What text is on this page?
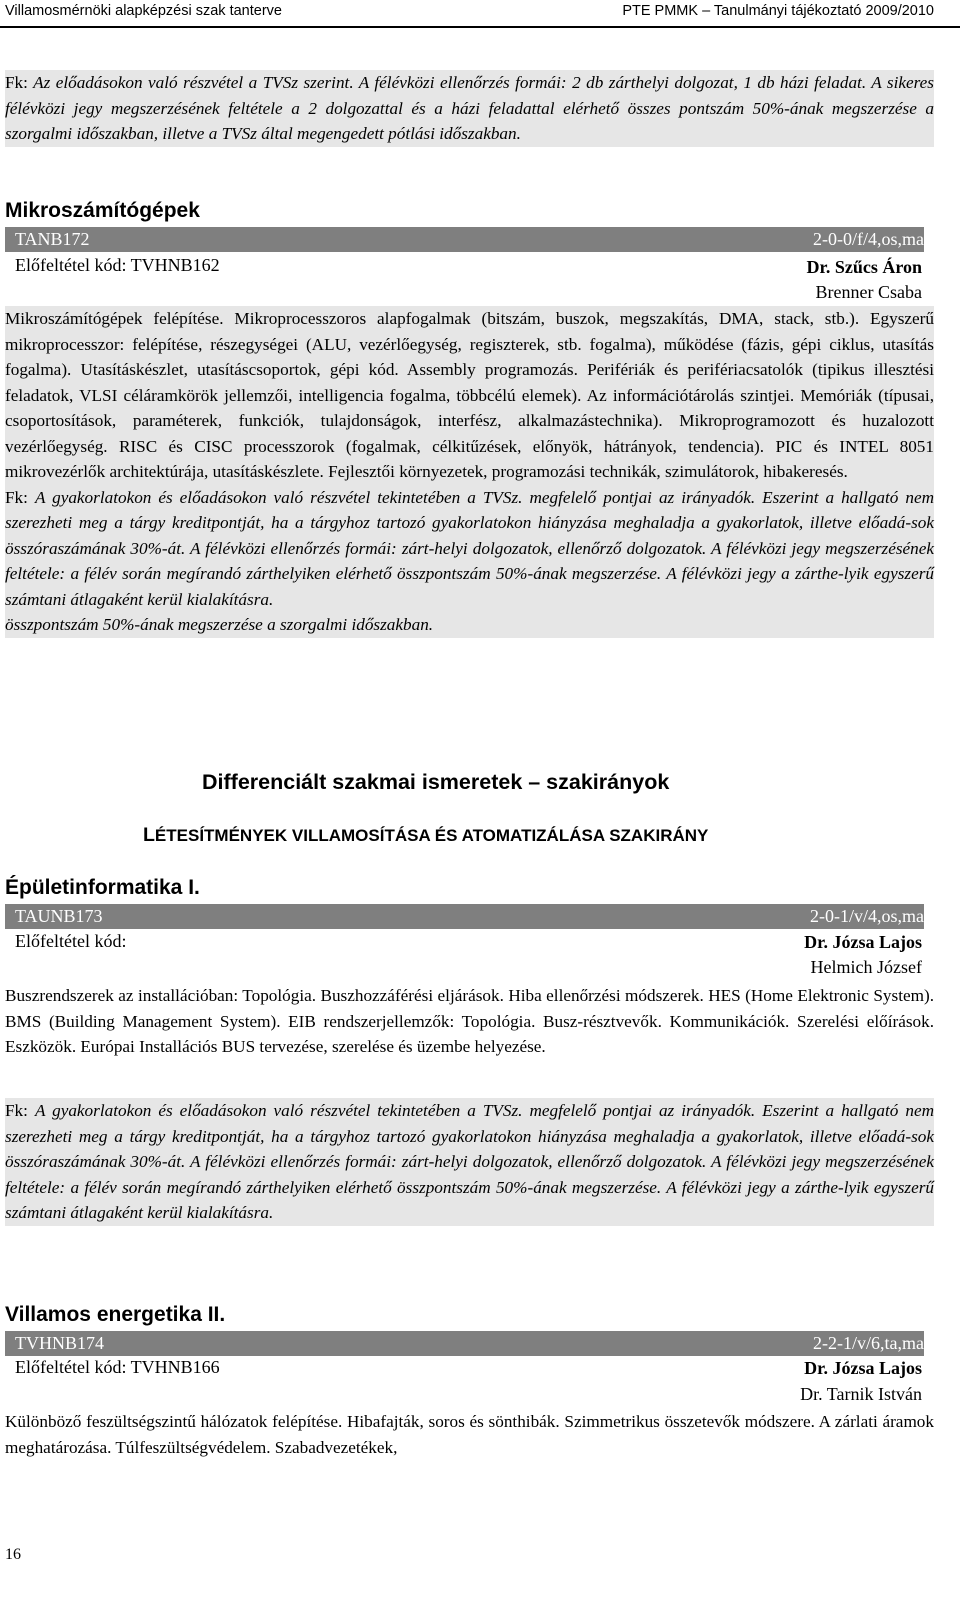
Villamosmérnöki alapképzési szak tanterve	PTE PMMK – Tanulmányi tájékoztató 2009/2010
Fk: Az előadásokon való részvétel a TVSz szerint. A félévközi ellenőrzés formái: 2 db zárthelyi dolgozat, 1 db házi feladat. A sikeres félévközi jegy megszerzésének feltétele a 2 dolgozattal és a házi feladattal elérhető összes pontszám 50%-ának megszerzése a szorgalmi időszakban, illetve a TVSz által megengedett pótlási időszakban.
Mikroszámítógépek
TANB172	2-0-0/f/4,os,ma
Előfeltétel kód: TVHNB162	Dr. Szűcs Áron
Brenner Csaba
Mikroszámítógépek felépítése. Mikroprocesszoros alapfogalmak (bitszám, buszok, megszakítás, DMA, stack, stb.). Egyszerű mikroprocesszor: felépítése, részegységei (ALU, vezérlőegység, regiszterek, stb. fogalma), működése (fázis, gépi ciklus, utasítás fogalma). Utasításkészlet, utasításcsoportok, gépi kód. Assembly programozás. Perifériák és perifériacsatolók (tipikus illesztési feladatok, VLSI céláramkörök jellemzői, intelligencia fogalma, többcélú elemek). Az információtárolás szintjei. Memóriák (típusai, csoportosítások, paraméterek, funkciók, tulajdonságok, interfész, alkalmazástechnika). Mikroprogramozott és huzalozott vezérlőegység. RISC és CISC processzorok (fogalmak, célkitűzések, előnyök, hátrányok, tendencia). PIC és INTEL 8051 mikrovezérlők architektúrája, utasításkészlete. Fejlesztői környezetek, programozási technikák, szimulátorok, hibakeresés.
Fk: A gyakorlatokon és előadásokon való részvétel tekintetében a TVSz. megfelelő pontjai az irányadók. Eszerint a hallgató nem szerezheti meg a tárgy kreditpontját, ha a tárgyhoz tartozó gyakorlatokon hiányzása meghaladja a gyakorlatok, illetve előadá-sok összóraszámának 30%-át. A félévközi ellenőrzés formái: zárt-helyi dolgozatok, ellenőrző dolgozatok. A félévközi jegy megszerzésének feltétele: a félév során megírandó zárthelyiken elérhető összpontszám 50%-ának megszerzése. A félévközi jegy a zárthe-lyik egyszerű számtani átlagaként kerül kialakításra.
összpontszám 50%-ának megszerzése a szorgalmi időszakban.
Differenciált szakmai ismeretek – szakirányok
LÉTESÍTMÉNYEK VILLAMOSÍTÁSA ÉS ATOMATIZÁLÁSA SZAKIRÁNY
Épületinformatika I.
TAUNB173	2-0-1/v/4,os,ma
Előfeltétel kód:	Dr. Józsa Lajos
Helmich József
Buszrendszerek az installációban: Topológia. Buszhozzáférési eljárások. Hiba ellenőrzési módszerek. HES (Home Elektronic System). BMS (Building Management System). EIB rendszerjellemzők: Topológia. Busz-résztvevők. Kommunikációk. Szerelési előírások. Eszközök. Európai Installációs BUS tervezése, szerelése és üzembe helyezése.
Fk: A gyakorlatokon és előadásokon való részvétel tekintetében a TVSz. megfelelő pontjai az irányadók. Eszerint a hallgató nem szerezheti meg a tárgy kreditpontját, ha a tárgyhoz tartozó gyakorlatokon hiányzása meghaladja a gyakorlatok, illetve előadá-sok összóraszámának 30%-át. A félévközi ellenőrzés formái: zárt-helyi dolgozatok, ellenőrző dolgozatok. A félévközi jegy megszerzésének feltétele: a félév során megírandó zárthelyiken elérhető összpontszám 50%-ának megszerzése. A félévközi jegy a zárthe-lyik egyszerű számtani átlagaként kerül kialakításra.
Villamos energetika II.
TVHNB174	2-2-1/v/6,ta,ma
Előfeltétel kód: TVHNB166	Dr. Józsa Lajos
Dr. Tarnik István
Különböző feszültségszintű hálózatok felépítése. Hibafajták, soros és sönthibák. Szimmetrikus összetevők módszere. A zárlati áramok meghatározása. Túlfeszültségvédelem. Szabadvezetékek,
16
